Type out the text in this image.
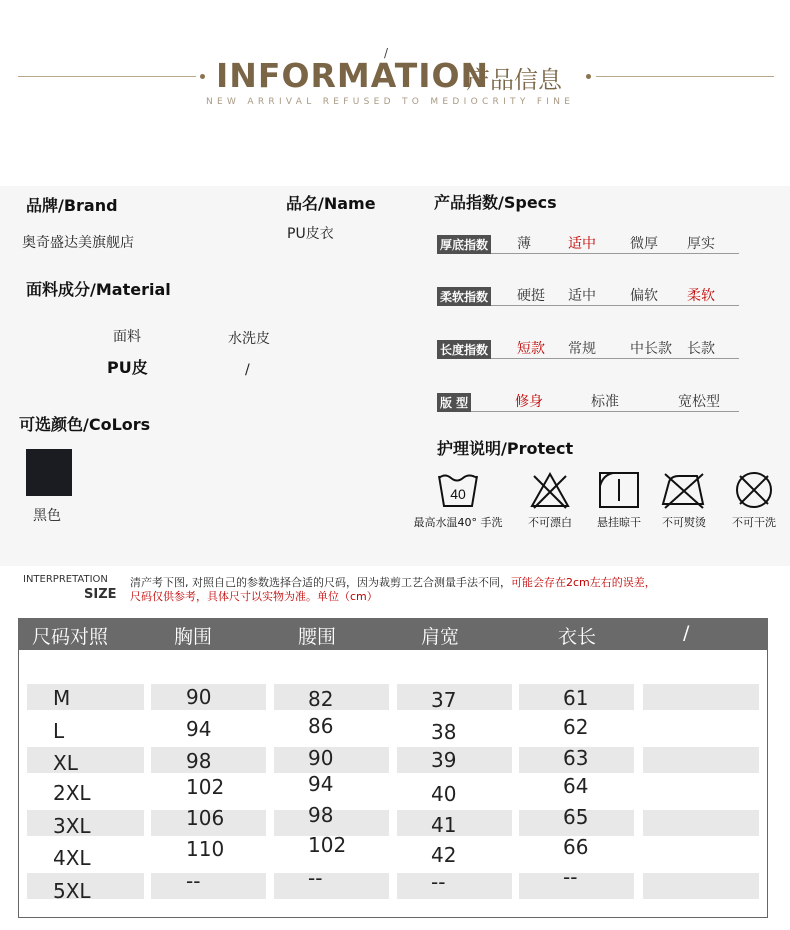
/
INFORMATION
产品信息
NEW ARRIVAL REFUSED TO MEDIOCRITY FINE
品牌/Brand
奥奇盛达美旗舰店
品名/Name
PU皮衣
产品指数/Specs
面料成分/Material
面料
PU皮
水洗皮
/
可选颜色/CoLors
黑色
厚底指数 薄	适中 微厚 厚实
柔软指数 硬挺 适中 偏软 柔软
长度指数 短款 常规 中长款 长款
版 型	修身	标准	宽松型
护理说明/Protect
40
最高水温40° 手洗	不可漂白	悬挂晾干	不可熨烫	不可干洗
INTERPRETATION
SIZE
清产考下图, 对照自己的参数选择合适的尺码，因为裁剪工艺合测量手法不同，可能会存在2cm左右的误差，
尺码仅供参考，具体尺寸以实物为准。单位（cm）
尺码对照	胸围	腰围	肩宽	衣长	/
M	90	82	37	61
L	94	86	38	62
XL	98	90	39	63
2XL	102	94	40	64
3XL	106	98	41	65
4XL	110	102	42	66
5XL	--	--	--	--
